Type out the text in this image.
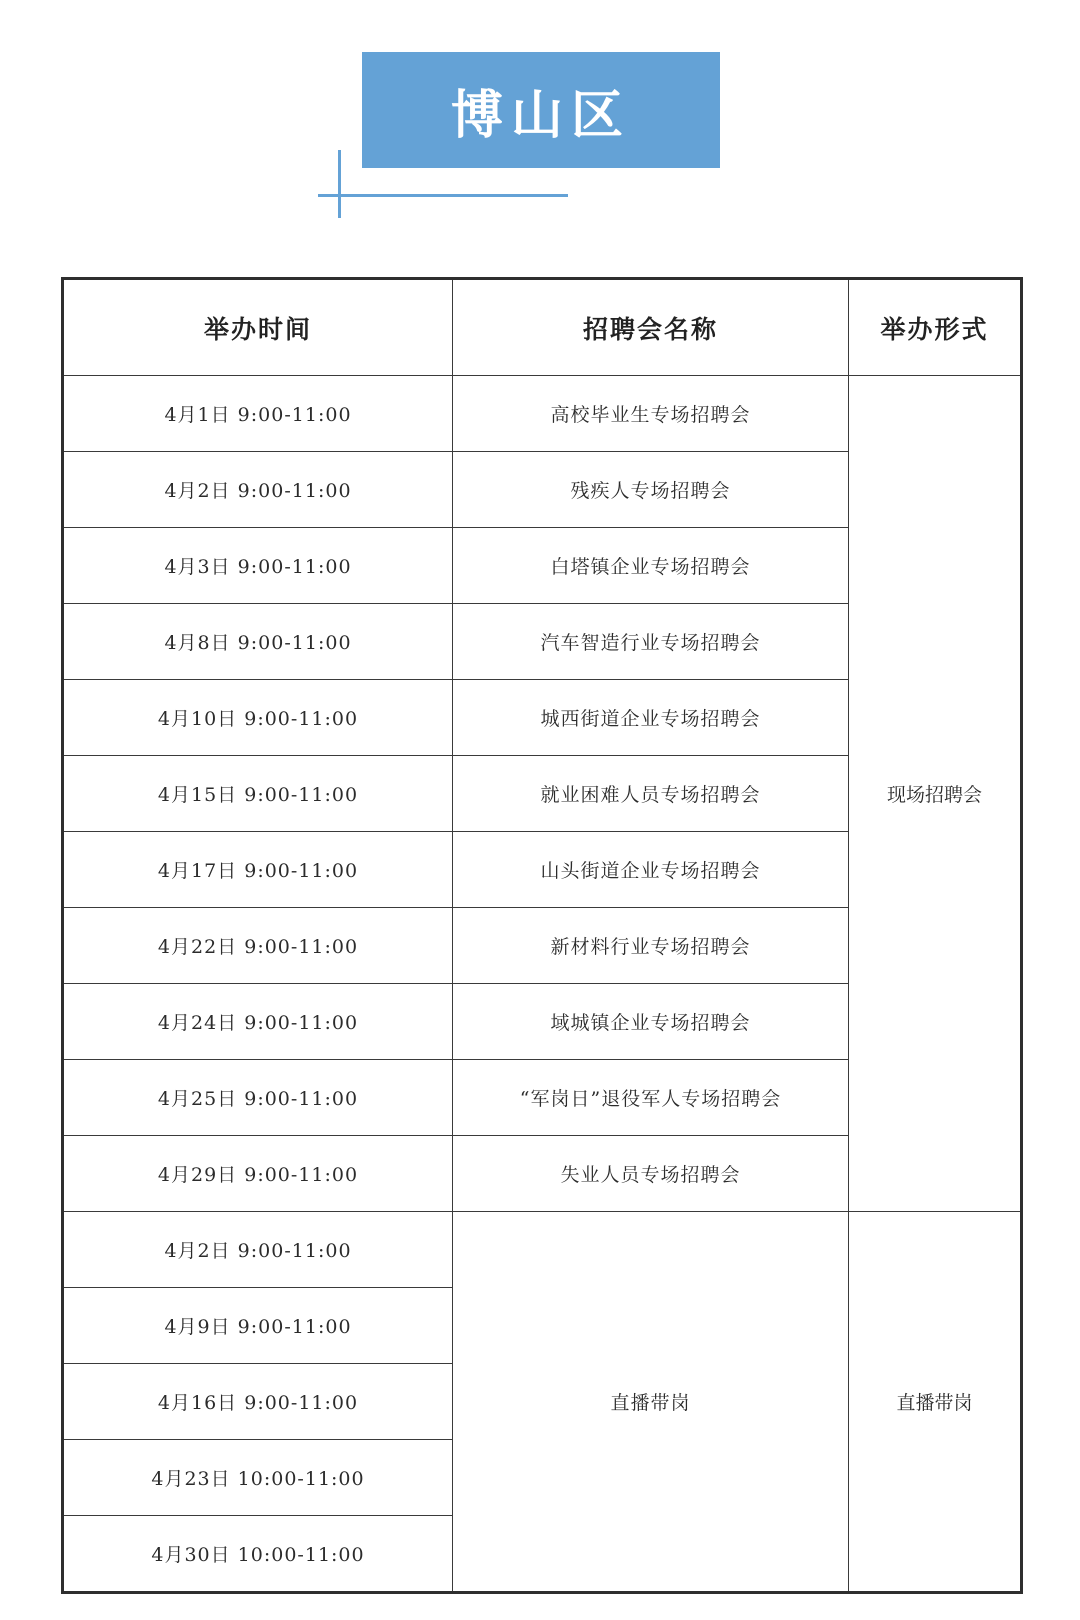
博山区
举办时间	招聘会名称	举办形式
4月1日 9:00-11:00	高校毕业生专场招聘会	现场招聘会
4月2日 9:00-11:00	残疾人专场招聘会	
4月3日 9:00-11:00	白塔镇企业专场招聘会	
4月8日 9:00-11:00	汽车智造行业专场招聘会	
4月10日 9:00-11:00	城西街道企业专场招聘会	
4月15日 9:00-11:00	就业困难人员专场招聘会	
4月17日 9:00-11:00	山头街道企业专场招聘会	
4月22日 9:00-11:00	新材料行业专场招聘会	
4月24日 9:00-11:00	域城镇企业专场招聘会	
4月25日 9:00-11:00	“军岗日”退役军人专场招聘会	
4月29日 9:00-11:00	失业人员专场招聘会	
4月2日 9:00-11:00	直播带岗	直播带岗
4月9日 9:00-11:00		
4月16日 9:00-11:00		
4月23日 10:00-11:00		
4月30日 10:00-11:00		
